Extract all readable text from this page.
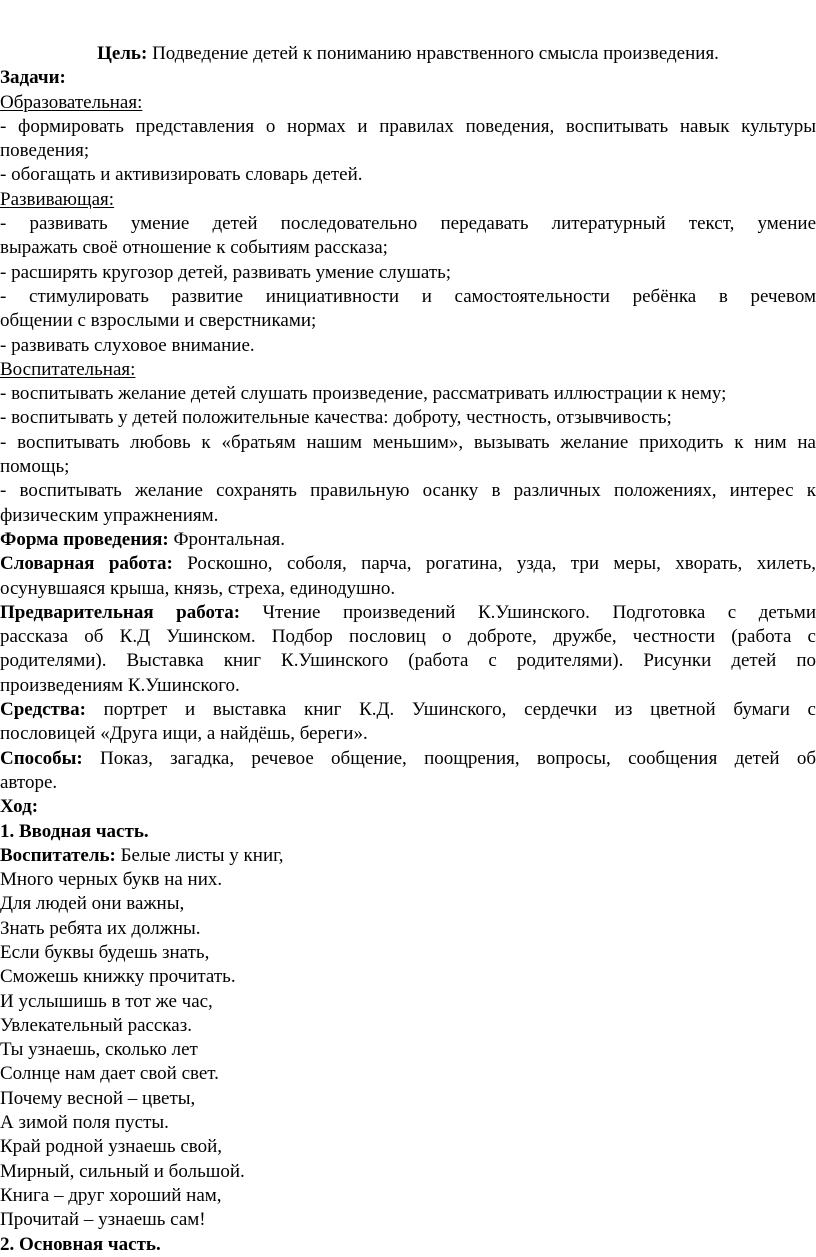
Цель: Подведение детей к пониманию нравственного смысла произведения.
Задачи:
Образовательная:
- формировать представления о нормах и правилах поведения, воспитывать навык культуры
поведения;
- обогащать и активизировать словарь детей.
Развивающая:
- развивать умение детей последовательно передавать литературный текст, умение
выражать своё отношение к событиям рассказа;
- расширять кругозор детей, развивать умение слушать;
- стимулировать развитие инициативности и самостоятельности ребёнка в речевом
общении с взрослыми и сверстниками;
- развивать слуховое внимание.
Воспитательная:
- воспитывать желание детей слушать произведение, рассматривать иллюстрации к нему;
- воспитывать у детей положительные качества: доброту, честность, отзывчивость;
- воспитывать любовь к «братьям нашим меньшим», вызывать желание приходить к ним на
помощь;
- воспитывать желание сохранять правильную осанку в различных положениях, интерес к
физическим упражнениям.
Форма проведения: Фронтальная.
Словарная работа: Роскошно, соболя, парча, рогатина, узда, три меры, хворать, хилеть,
осунувшаяся крыша, князь, стреха, единодушно.
Предварительная работа: Чтение произведений К.Ушинского. Подготовка с детьми
рассказа об К.Д Ушинском. Подбор пословиц о доброте, дружбе, честности (работа с
родителями). Выставка книг К.Ушинского (работа с родителями). Рисунки детей по
произведениям К.Ушинского.
Средства: портрет и выставка книг К.Д. Ушинского, сердечки из цветной бумаги с
пословицей «Друга ищи, а найдёшь, береги».
Способы: Показ, загадка, речевое общение, поощрения, вопросы, сообщения детей об
авторе.
Ход:
1. Вводная часть.
Воспитатель: Белые листы у книг,
Много черных букв на них.
Для людей они важны,
Знать ребята их должны.
Если буквы будешь знать,
Сможешь книжку прочитать.
И услышишь в тот же час,
Увлекательный рассказ.
Ты узнаешь, сколько лет
Солнце нам дает свой свет.
Почему весной – цветы,
А зимой поля пусты.
Край родной узнаешь свой,
Мирный, сильный и большой.
Книга – друг хороший нам,
Прочитай – узнаешь сам!
2. Основная часть.
